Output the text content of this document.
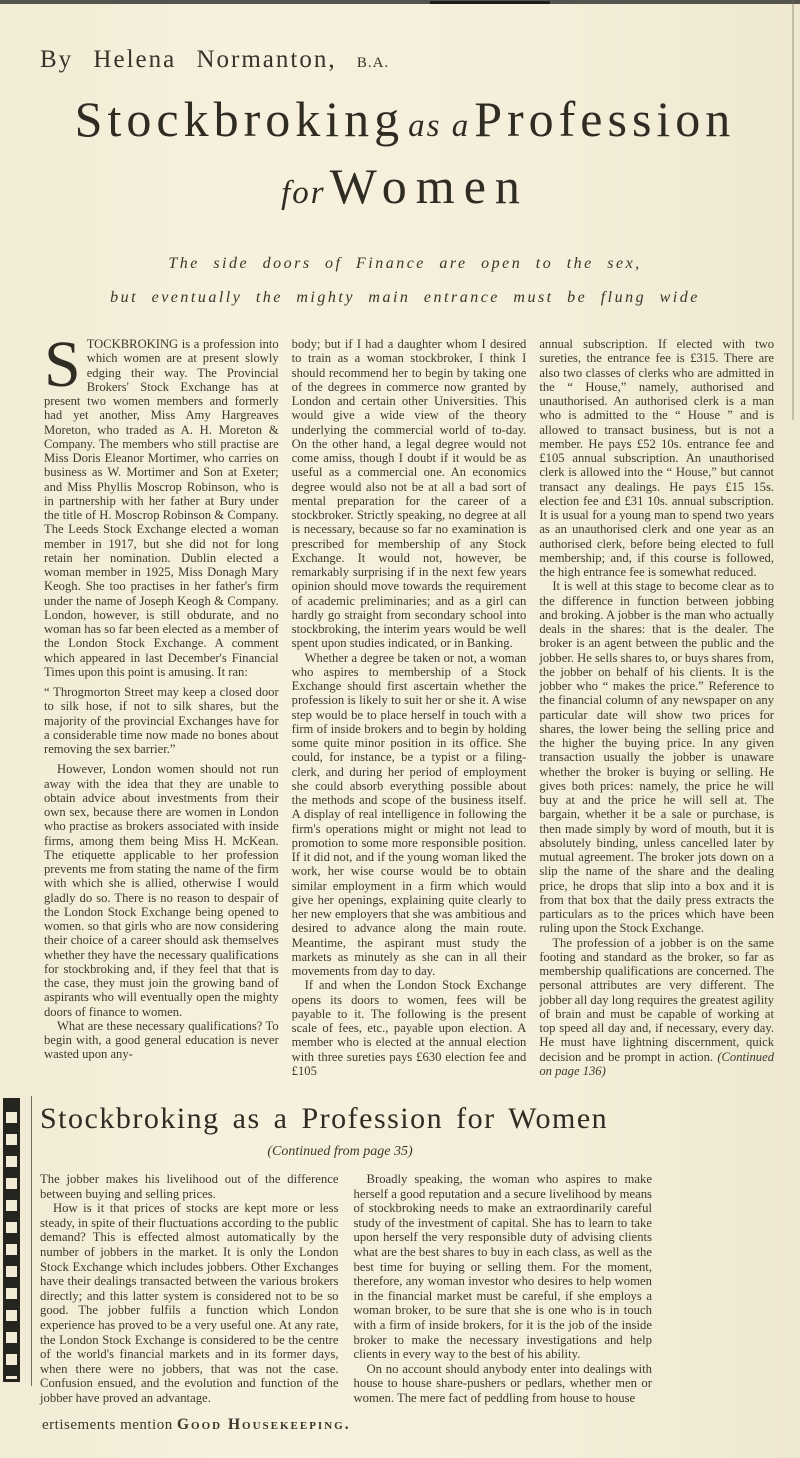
By Helena Normanton, B.A.
Stockbroking as a Profession
for Women
The side doors of Finance are open to the sex,
but eventually the mighty main entrance must be flung wide

STOCKBROKING is a profession into which women are at present slowly edging their way. The Provincial Brokers' Stock Exchange has at present two women members and formerly had yet another, Miss Amy Hargreaves Moreton, who traded as A. H. Moreton & Company. The members who still practise are Miss Doris Eleanor Mortimer, who carries on business as W. Mortimer and Son at Exeter; and Miss Phyllis Moscrop Robinson, who is in partnership with her father at Bury under the title of H. Moscrop Robinson & Company. The Leeds Stock Exchange elected a woman member in 1917, but she did not for long retain her nomination. Dublin elected a woman member in 1925, Miss Donagh Mary Keogh. She too practises in her father's firm under the name of Joseph Keogh & Company. London, however, is still obdurate, and no woman has so far been elected as a member of the London Stock Exchange. A comment which appeared in last December's Financial Times upon this point is amusing. It ran:

“ Throgmorton Street may keep a closed door to silk hose, if not to silk shares, but the majority of the provincial Exchanges have for a considerable time now made no bones about removing the sex barrier.”

However, London women should not run away with the idea that they are unable to obtain advice about investments from their own sex, because there are women in London who practise as brokers associated with inside firms, among them being Miss H. McKean. The etiquette applicable to her profession prevents me from stating the name of the firm with which she is allied, otherwise I would gladly do so. There is no reason to despair of the London Stock Exchange being opened to women. so that girls who are now considering their choice of a career should ask themselves whether they have the necessary qualifications for stockbroking and, if they feel that that is the case, they must join the growing band of aspirants who will eventually open the mighty doors of finance to women.

What are these necessary qualifications? To begin with, a good general education is never wasted upon any-

body; but if I had a daughter whom I desired to train as a woman stockbroker, I think I should recommend her to begin by taking one of the degrees in commerce now granted by London and certain other Universities. This would give a wide view of the theory underlying the commercial world of to-day. On the other hand, a legal degree would not come amiss, though I doubt if it would be as useful as a commercial one. An economics degree would also not be at all a bad sort of mental preparation for the career of a stockbroker. Strictly speaking, no degree at all is necessary, because so far no examination is prescribed for membership of any Stock Exchange. It would not, however, be remarkably surprising if in the next few years opinion should move towards the requirement of academic preliminaries; and as a girl can hardly go straight from secondary school into stockbroking, the interim years would be well spent upon studies indicated, or in Banking.

Whether a degree be taken or not, a woman who aspires to membership of a Stock Exchange should first ascertain whether the profession is likely to suit her or she it. A wise step would be to place herself in touch with a firm of inside brokers and to begin by holding some quite minor position in its office. She could, for instance, be a typist or a filing-clerk, and during her period of employment she could absorb everything possible about the methods and scope of the business itself. A display of real intelligence in following the firm's operations might or might not lead to promotion to some more responsible position. If it did not, and if the young woman liked the work, her wise course would be to obtain similar employment in a firm which would give her openings, explaining quite clearly to her new employers that she was ambitious and desired to advance along the main route. Meantime, the aspirant must study the markets as minutely as she can in all their movements from day to day.

If and when the London Stock Exchange opens its doors to women, fees will be payable to it. The following is the present scale of fees, etc., payable upon election. A member who is elected at the annual election with three sureties pays £630 election fee and £105

annual subscription. If elected with two sureties, the entrance fee is £315. There are also two classes of clerks who are admitted in the “ House,” namely, authorised and unauthorised. An authorised clerk is a man who is admitted to the “ House ” and is allowed to transact business, but is not a member. He pays £52 10s. entrance fee and £105 annual subscription. An unauthorised clerk is allowed into the “ House,” but cannot transact any dealings. He pays £15 15s. election fee and £31 10s. annual subscription. It is usual for a young man to spend two years as an unauthorised clerk and one year as an authorised clerk, before being elected to full membership; and, if this course is followed, the high entrance fee is somewhat reduced.

It is well at this stage to become clear as to the difference in function between jobbing and broking. A jobber is the man who actually deals in the shares: that is the dealer. The broker is an agent between the public and the jobber. He sells shares to, or buys shares from, the jobber on behalf of his clients. It is the jobber who “ makes the price.” Reference to the financial column of any newspaper on any particular date will show two prices for shares, the lower being the selling price and the higher the buying price. In any given transaction usually the jobber is unaware whether the broker is buying or selling. He gives both prices: namely, the price he will buy at and the price he will sell at. The bargain, whether it be a sale or purchase, is then made simply by word of mouth, but it is absolutely binding, unless cancelled later by mutual agreement. The broker jots down on a slip the name of the share and the dealing price, he drops that slip into a box and it is from that box that the daily press extracts the particulars as to the prices which have been ruling upon the Stock Exchange.

The profession of a jobber is on the same footing and standard as the broker, so far as membership qualifications are concerned. The personal attributes are very different. The jobber all day long requires the greatest agility of brain and must be capable of working at top speed all day and, if necessary, every day. He must have lightning discernment, quick decision and be prompt in action. (Continued on page 136)

Stockbroking as a Profession for Women
(Continued from page 35)

The jobber makes his livelihood out of the difference between buying and selling prices.

How is it that prices of stocks are kept more or less steady, in spite of their fluctuations according to the public demand? This is effected almost automatically by the number of jobbers in the market. It is only the London Stock Exchange which includes jobbers. Other Exchanges have their dealings transacted between the various brokers directly; and this latter system is considered not to be so good. The jobber fulfils a function which London experience has proved to be a very useful one. At any rate, the London Stock Exchange is considered to be the centre of the world's financial markets and in its former days, when there were no jobbers, that was not the case. Confusion ensued, and the evolution and function of the jobber have proved an advantage.

Broadly speaking, the woman who aspires to make herself a good reputation and a secure livelihood by means of stockbroking needs to make an extraordinarily careful study of the investment of capital. She has to learn to take upon herself the very responsible duty of advising clients what are the best shares to buy in each class, as well as the best time for buying or selling them. For the moment, therefore, any woman investor who desires to help women in the financial market must be careful, if she employs a woman broker, to be sure that she is one who is in touch with a firm of inside brokers, for it is the job of the inside broker to make the necessary investigations and help clients in every way to the best of his ability.

On no account should anybody enter into dealings with house to house share-pushers or pedlars, whether men or women. The mere fact of peddling from house to house

ertisements mention Good Housekeeping.
